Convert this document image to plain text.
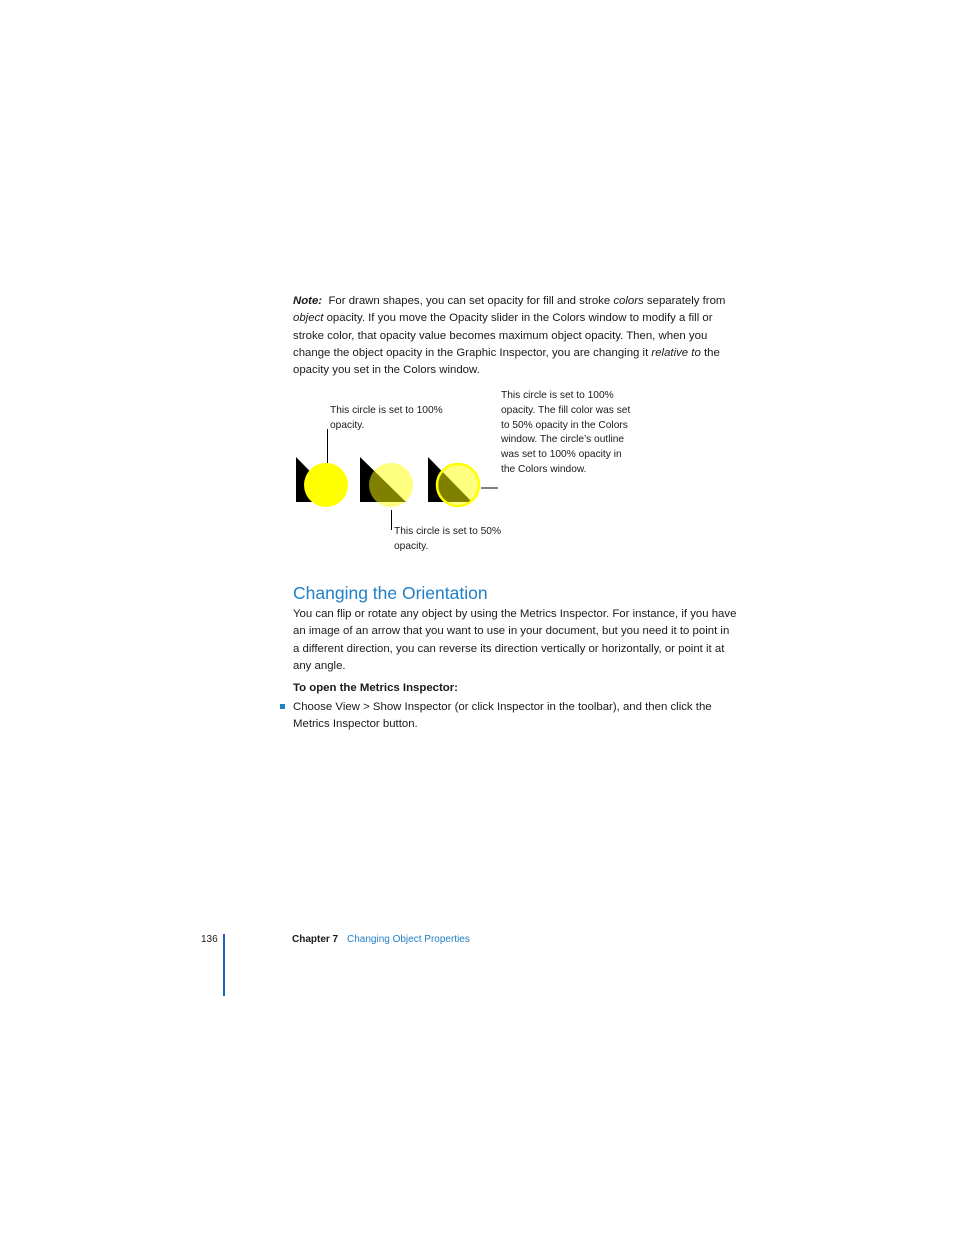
Note: For drawn shapes, you can set opacity for fill and stroke colors separately from object opacity. If you move the Opacity slider in the Colors window to modify a fill or stroke color, that opacity value becomes maximum object opacity. Then, when you change the object opacity in the Graphic Inspector, you are changing it relative to the opacity you set in the Colors window.
This circle is set to 100% opacity.
This circle is set to 100% opacity. The fill color was set to 50% opacity in the Colors window. The circle’s outline was set to 100% opacity in the Colors window.
This circle is set to 50% opacity.
Changing the Orientation

You can flip or rotate any object by using the Metrics Inspector. For instance, if you have an image of an arrow that you want to use in your document, but you need it to point in a different direction, you can reverse its direction vertically or horizontally, or point it at any angle.

To open the Metrics Inspector:
Choose View > Show Inspector (or click Inspector in the toolbar), and then click the Metrics Inspector button.
136	Chapter 7 Changing Object Properties
